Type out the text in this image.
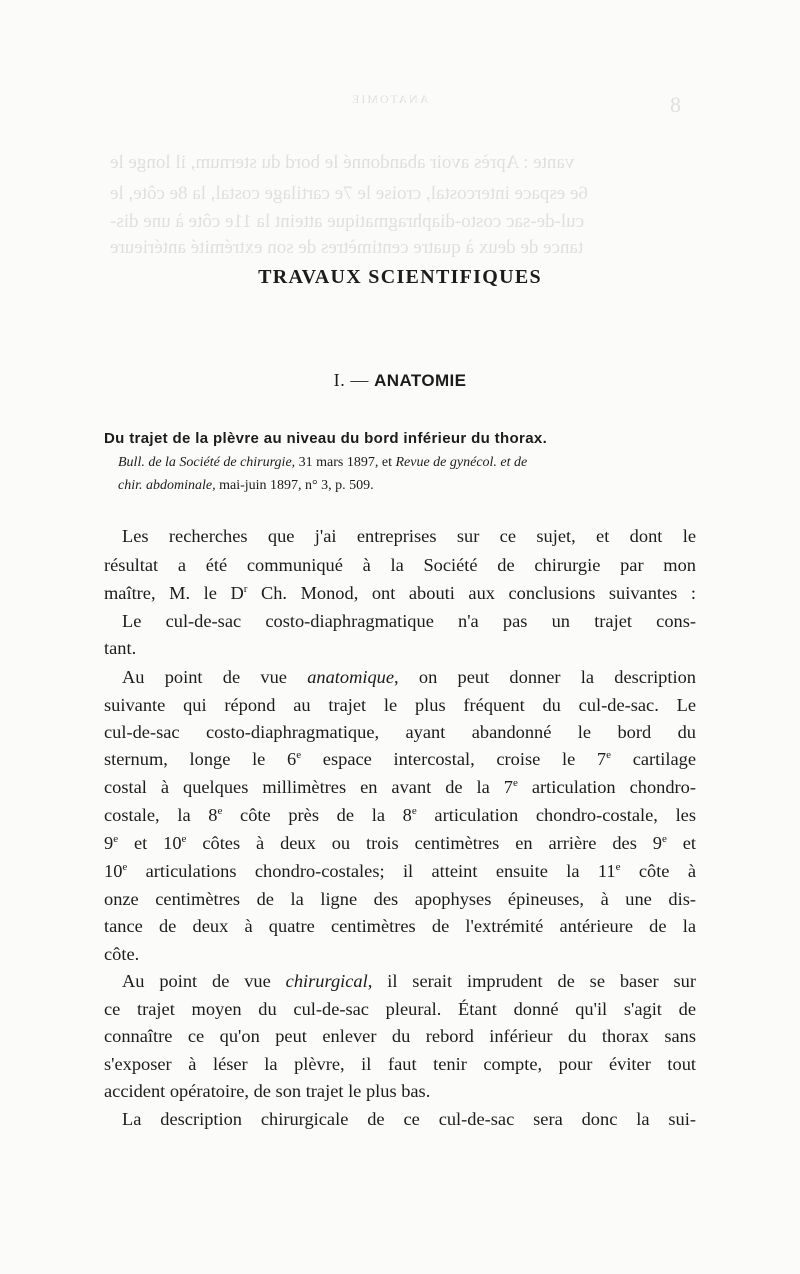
ANATOMIE	8
vante : Après avoir abandonné le bord du sternum, il longe le
6e espace intercostal, croise le 7e cartilage costal, la 8e côte, le
cul-de-sac costo-diaphragmatique atteint la 11e côte à une dis-
tance de deux à quatre centimètres de son extrémité antérieure
TRAVAUX SCIENTIFIQUES
I. — ANATOMIE
Du trajet de la plèvre au niveau du bord inférieur du thorax.
Bull. de la Société de chirurgie, 31 mars 1897, et Revue de gynécol. et de
chir. abdominale, mai-juin 1897, n° 3, p. 509.
Les recherches que j'ai entreprises sur ce sujet, et dont le
résultat a été communiqué à la Société de chirurgie par mon
maître, M. le $D^r$ Ch. Monod, ont abouti aux conclusions suivantes :
Le cul-de-sac costo-diaphragmatique n'a pas un trajet cons-
tant.
Au point de vue anatomique, on peut donner la description
suivante qui répond au trajet le plus fréquent du cul-de-sac. Le
cul-de-sac costo-diaphragmatique, ayant abandonné le bord du
sternum, longe le 6e espace intercostal, croise le 7e cartilage
costal à quelques millimètres en avant de la 7e articulation chondro-
costale, la 8e côte près de la 8e articulation chondro-costale, les
9e et 10e côtes à deux ou trois centimètres en arrière des 9e et
10e articulations chondro-costales; il atteint ensuite la 11e côte à
onze centimètres de la ligne des apophyses épineuses, à une dis-
tance de deux à quatre centimètres de l'extrémité antérieure de la
côte.
Au point de vue chirurgical, il serait imprudent de se baser sur
ce trajet moyen du cul-de-sac pleural. Étant donné qu'il s'agit de
connaître ce qu'on peut enlever du rebord inférieur du thorax sans
s'exposer à léser la plèvre, il faut tenir compte, pour éviter tout
accident opératoire, de son trajet le plus bas.
La description chirurgicale de ce cul-de-sac sera donc la sui-
